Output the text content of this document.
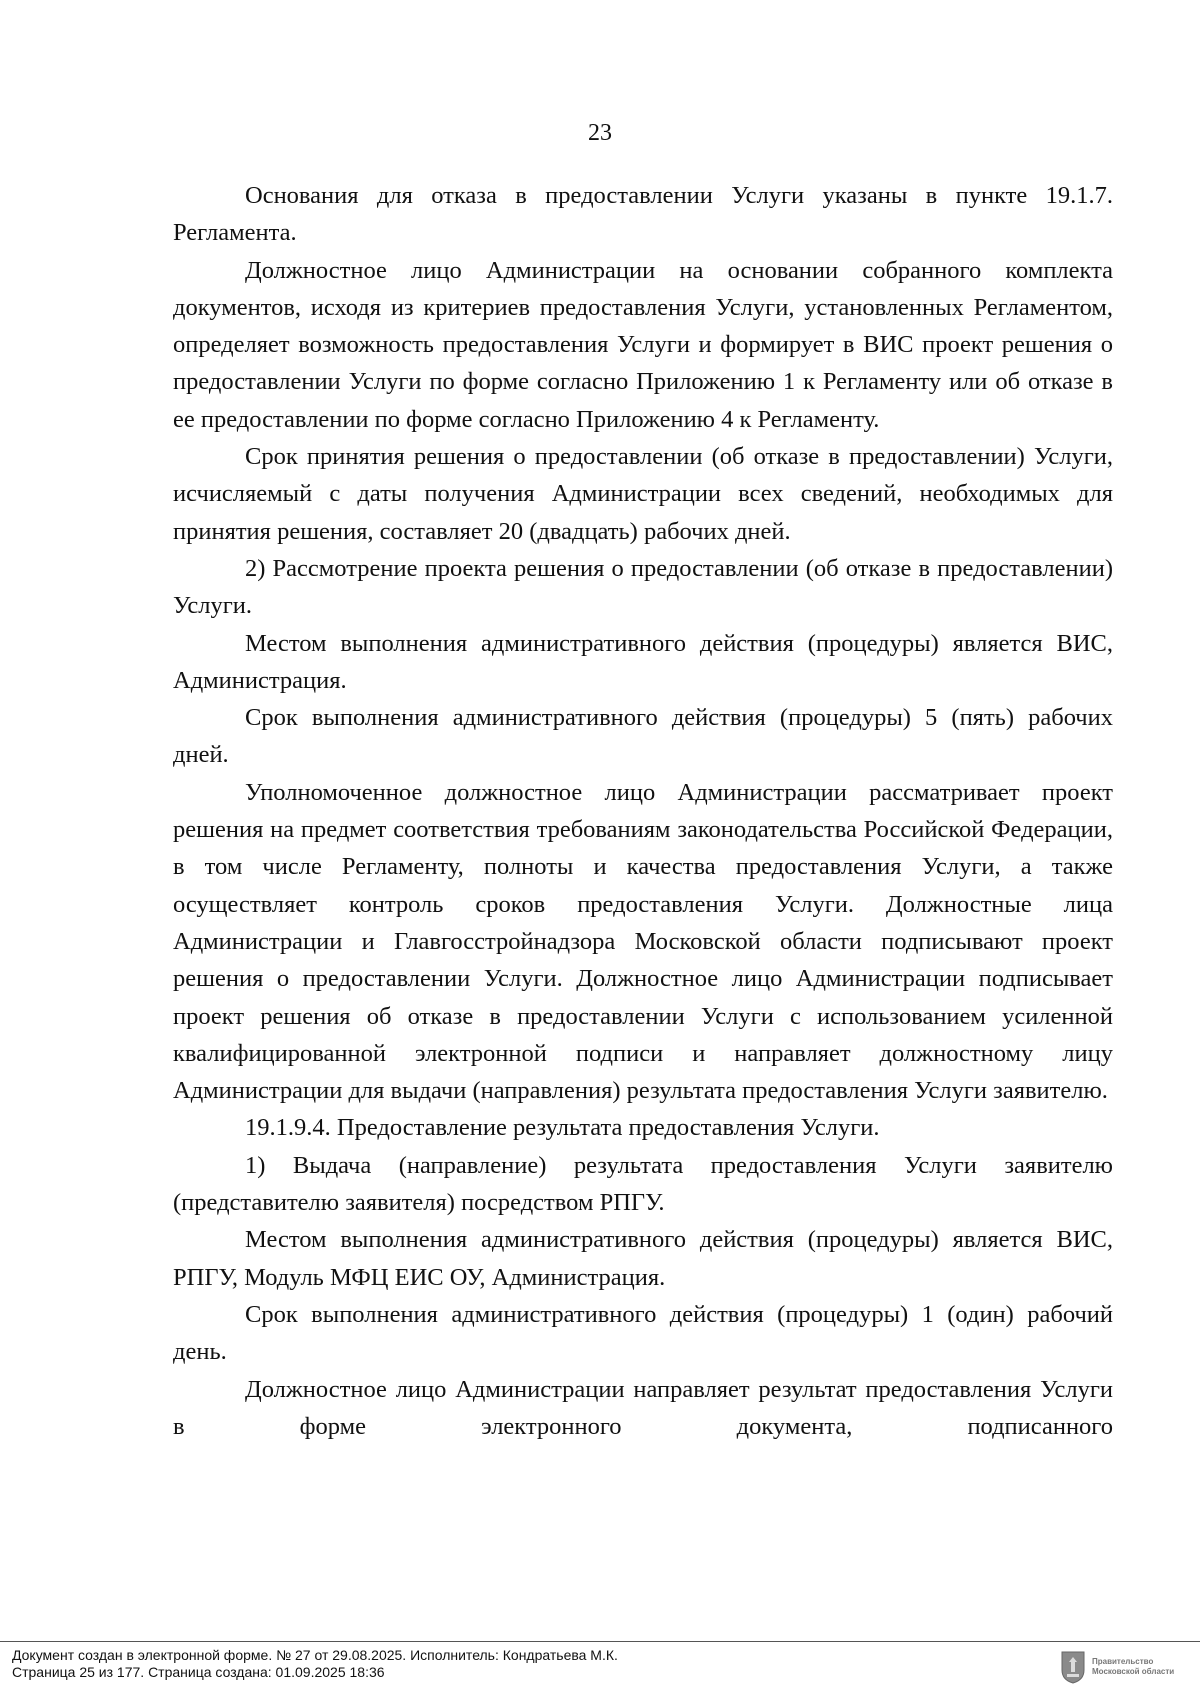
23

Основания для отказа в предоставлении Услуги указаны в пункте 19.1.7. Регламента.

Должностное лицо Администрации на основании собранного комплекта документов, исходя из критериев предоставления Услуги, установленных Регламентом, определяет возможность предоставления Услуги и формирует в ВИС проект решения о предоставлении Услуги по форме согласно Приложению 1 к Регламенту или об отказе в ее предоставлении по форме согласно Приложению 4 к Регламенту.

Срок принятия решения о предоставлении (об отказе в предоставлении) Услуги, исчисляемый с даты получения Администрации всех сведений, необходимых для принятия решения, составляет 20 (двадцать) рабочих дней.

2) Рассмотрение проекта решения о предоставлении (об отказе в предоставлении) Услуги.

Местом выполнения административного действия (процедуры) является ВИС, Администрация.

Срок выполнения административного действия (процедуры) 5 (пять) рабочих дней.

Уполномоченное должностное лицо Администрации рассматривает проект решения на предмет соответствия требованиям законодательства Российской Федерации, в том числе Регламенту, полноты и качества предоставления Услуги, а также осуществляет контроль сроков предоставления Услуги. Должностные лица Администрации и Главгосстройнадзора Московской области подписывают проект решения о предоставлении Услуги. Должностное лицо Администрации подписывает проект решения об отказе в предоставлении Услуги с использованием усиленной квалифицированной электронной подписи и направляет должностному лицу Администрации для выдачи (направления) результата предоставления Услуги заявителю.

19.1.9.4. Предоставление результата предоставления Услуги.

1) Выдача (направление) результата предоставления Услуги заявителю (представителю заявителя) посредством РПГУ.

Местом выполнения административного действия (процедуры) является ВИС, РПГУ, Модуль МФЦ ЕИС ОУ, Администрация.

Срок выполнения административного действия (процедуры) 1 (один) рабочий день.

Должностное лицо Администрации направляет результат предоставления Услуги в форме электронного документа, подписанного

Документ создан в электронной форме. № 27 от 29.08.2025. Исполнитель: Кондратьева М.К.
Страница 25 из 177. Страница создана: 01.09.2025 18:36
Правительство
Московской области
